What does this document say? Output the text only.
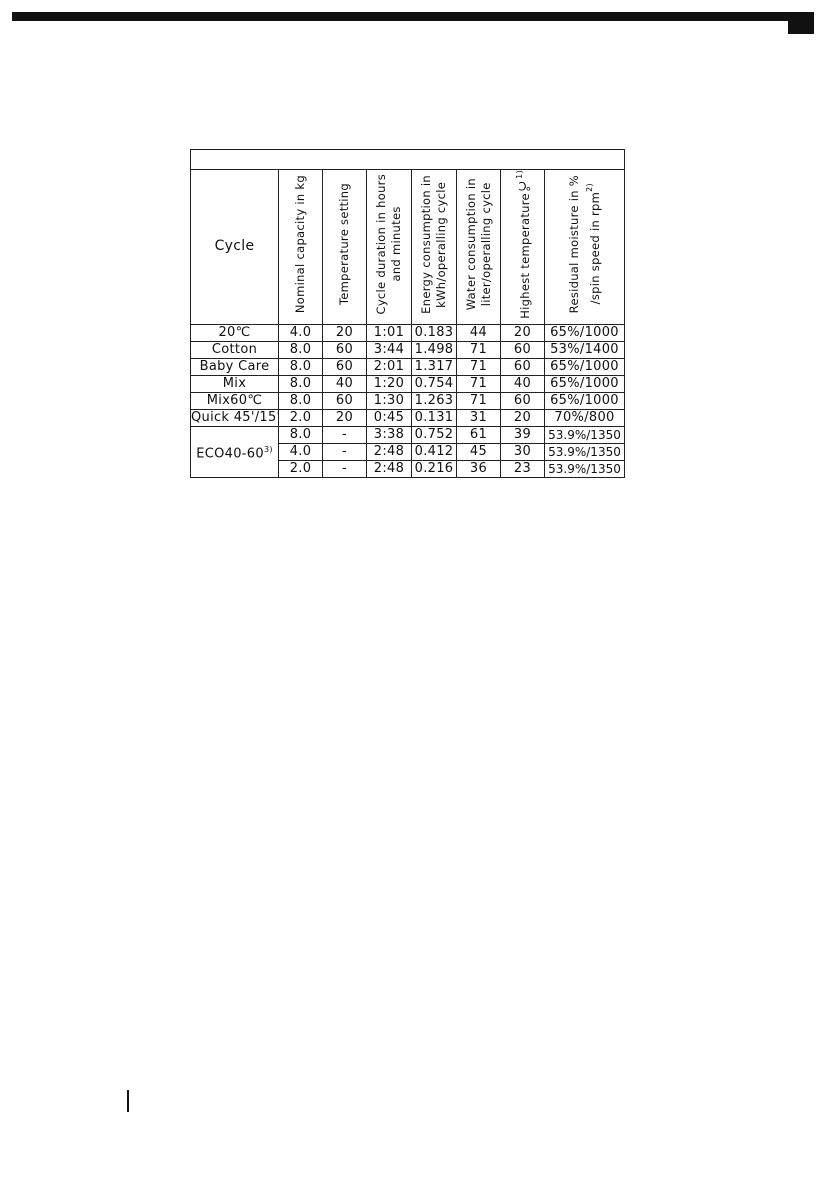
Cycle	Nominal capacity in kg	Temperature setting	Cycle duration in hours
and minutes	Energy consumption in
kWh/operalling cycle	Water consumption in
liter/operalling cycle	Highest temperature℃$^{1)}$	Residual moisture in % /spin speed in rpm$^{2)}$
20℃	4.0	20	1:01	0.183	44	20	65%/1000
Cotton	8.0	60	3:44	1.498	71	60	53%/1400
Baby Care	8.0	60	2:01	1.317	71	60	65%/1000
Mix	8.0	40	1:20	0.754	71	40	65%/1000
Mix60℃	8.0	60	1:30	1.263	71	60	65%/1000
Quick 45'/15'	2.0	20	0:45	0.131	31	20	70%/800
ECO40-60$^{3)}$	8.0	-	3:38	0.752	61	39	53.9%/1350
	4.0	-	2:48	0.412	45	30	53.9%/1350
	2.0	-	2:48	0.216	36	23	53.9%/1350
